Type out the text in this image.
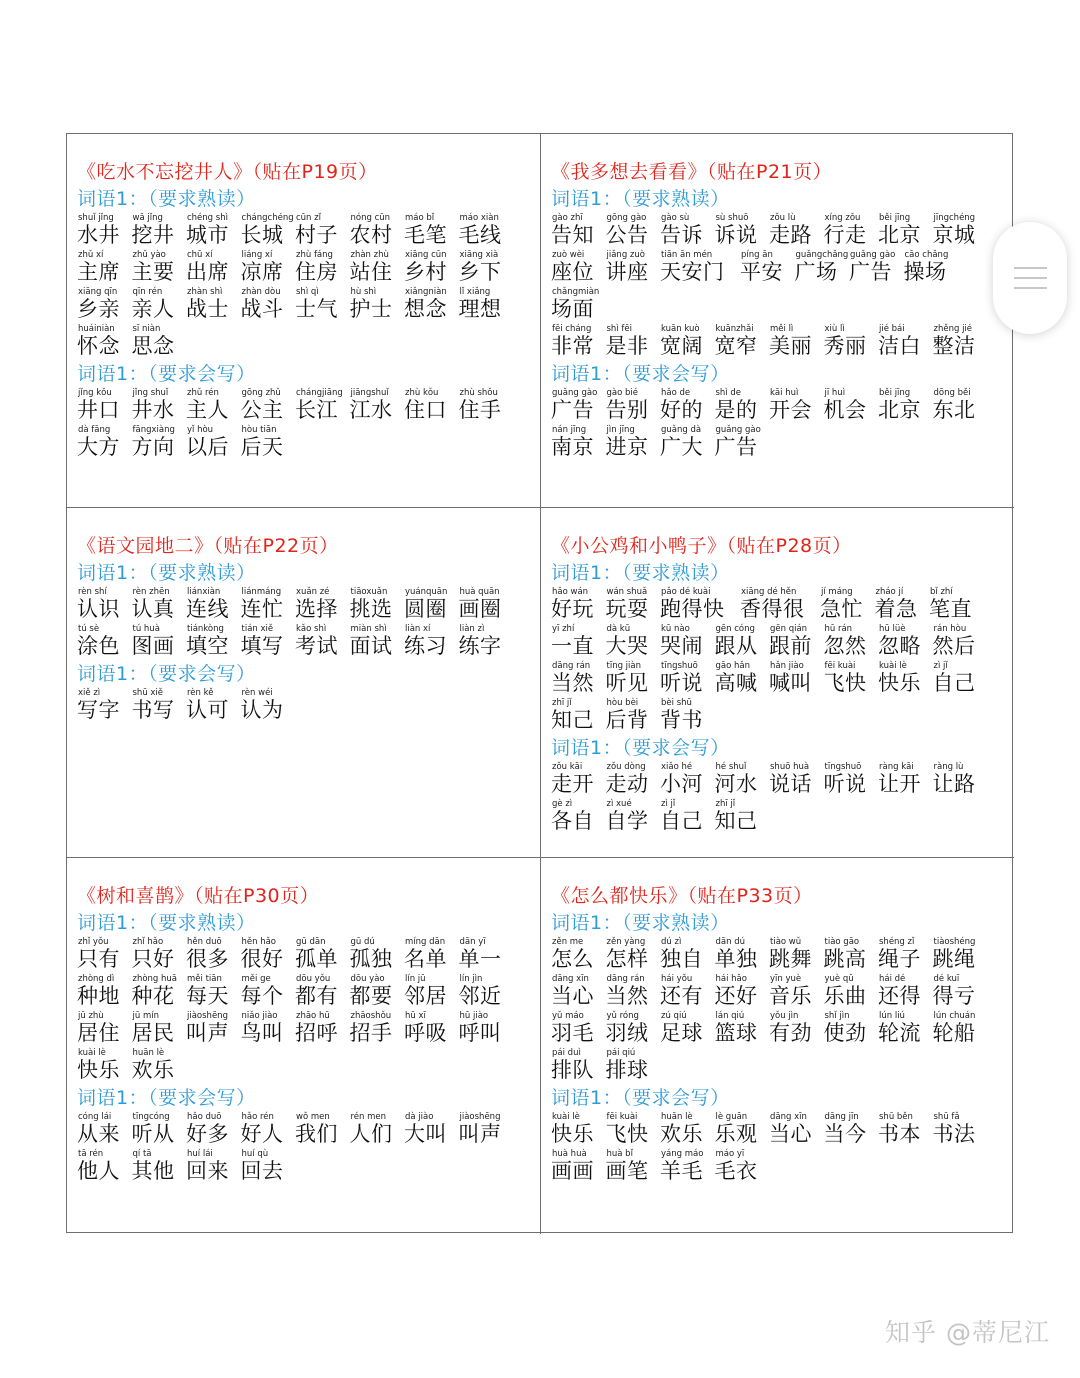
《吃水不忘挖井人》（贴在P19页）
词语1：（要求熟读）
shuǐ jǐng
水井
wā jǐng
挖井
chéng shì
城市
chángchéng
长城
cūn zǐ
村子
nóng cūn
农村
máo bǐ
毛笔
máo xiàn
毛线
zhǔ xí
主席
zhǔ yào
主要
chū xí
出席
liáng xí
凉席
zhù fáng
住房
zhàn zhù
站住
xiāng cūn
乡村
xiāng xià
乡下
xiāng qīn
乡亲
qīn rén
亲人
zhàn shì
战士
zhàn dòu
战斗
shì qì
士气
hù shì
护士
xiǎngniàn
想念
lǐ xiǎng
理想
huáiniàn
怀念
sī niàn
思念
词语1：（要求会写）
jǐng kǒu
井口
jǐng shuǐ
井水
zhǔ rén
主人
gōng zhǔ
公主
chángjiāng
长江
jiāngshuǐ
江水
zhù kǒu
住口
zhù shǒu
住手
dà fāng
大方
fāngxiàng
方向
yǐ hòu
以后
hòu tiān
后天
《我多想去看看》（贴在P21页）
词语1：（要求熟读）
gào zhī
告知
gōng gào
公告
gào sù
告诉
sù shuō
诉说
zǒu lù
走路
xíng zǒu
行走
běi jīng
北京
jīngchéng
京城
zuò wèi
座位
jiǎng zuò
讲座
tiān ān mén
天安门
píng ān
平安
guǎngchǎng
广场
guǎng gào
广告
cāo chǎng
操场
chǎngmiàn
场面
fēi cháng
非常
shì fēi
是非
kuān kuò
宽阔
kuānzhǎi
宽窄
měi lì
美丽
xiù lì
秀丽
jié bái
洁白
zhěng jié
整洁
词语1：（要求会写）
guǎng gào
广告
gào bié
告别
hǎo de
好的
shì de
是的
kāi huì
开会
jī huì
机会
běi jīng
北京
dōng běi
东北
nán jīng
南京
jìn jīng
进京
guǎng dà
广大
guǎng gào
广告
《语文园地二》（贴在P22页）
词语1：（要求熟读）
rèn shí
认识
rèn zhēn
认真
liánxiàn
连线
liánmáng
连忙
xuǎn zé
选择
tiāoxuǎn
挑选
yuánquān
圆圈
huà quān
画圈
tú sè
涂色
tú huà
图画
tiánkòng
填空
tián xiě
填写
kǎo shì
考试
miàn shì
面试
liàn xí
练习
liàn zì
练字
词语1：（要求会写）
xiě zì
写字
shū xiě
书写
rèn kě
认可
rèn wéi
认为
《小公鸡和小鸭子》（贴在P28页）
词语1：（要求熟读）
hǎo wán
好玩
wán shuǎ
玩耍
pǎo dé kuài
跑得快
xiāng dé hěn
香得很
jí máng
急忙
zháo jí
着急
bǐ zhí
笔直
yī zhí
一直
dà kū
大哭
kū nào
哭闹
gēn cóng
跟从
gēn qián
跟前
hū rán
忽然
hū lüè
忽略
rán hòu
然后
dāng rán
当然
tīng jiàn
听见
tīngshuō
听说
gāo hǎn
高喊
hǎn jiào
喊叫
fēi kuài
飞快
kuài lè
快乐
zì jǐ
自己
zhī jǐ
知己
hòu bèi
后背
bèi shū
背书
词语1：（要求会写）
zǒu kāi
走开
zǒu dòng
走动
xiǎo hé
小河
hé shuǐ
河水
shuō huà
说话
tīngshuō
听说
ràng kāi
让开
ràng lù
让路
gè zì
各自
zì xué
自学
zì jǐ
自己
zhī jǐ
知己
《树和喜鹊》（贴在P30页）
词语1：（要求熟读）
zhǐ yǒu
只有
zhǐ hǎo
只好
hěn duō
很多
hěn hǎo
很好
gū dān
孤单
gū dú
孤独
míng dān
名单
dān yī
单一
zhòng dì
种地
zhòng huā
种花
měi tiān
每天
měi ge
每个
dōu yǒu
都有
dōu yào
都要
lín jū
邻居
lín jìn
邻近
jū zhù
居住
jū mín
居民
jiàoshēng
叫声
niǎo jiào
鸟叫
zhāo hū
招呼
zhāoshǒu
招手
hū xī
呼吸
hū jiào
呼叫
kuài lè
快乐
huān lè
欢乐
词语1：（要求会写）
cóng lái
从来
tīngcóng
听从
hǎo duō
好多
hǎo rén
好人
wǒ men
我们
rén men
人们
dà jiào
大叫
jiàoshēng
叫声
tā rén
他人
qí tā
其他
huí lái
回来
huí qù
回去
《怎么都快乐》（贴在P33页）
词语1：（要求熟读）
zěn me
怎么
zěn yàng
怎样
dú zì
独自
dān dú
单独
tiào wǔ
跳舞
tiào gāo
跳高
shéng zǐ
绳子
tiàoshéng
跳绳
dāng xīn
当心
dāng rán
当然
hái yǒu
还有
hái hǎo
还好
yīn yuè
音乐
yuè qǔ
乐曲
hái dé
还得
dé kuī
得亏
yǔ máo
羽毛
yǔ róng
羽绒
zú qiú
足球
lán qiú
篮球
yǒu jìn
有劲
shǐ jìn
使劲
lún liú
轮流
lún chuán
轮船
pái duì
排队
pái qiú
排球
词语1：（要求会写）
kuài lè
快乐
fēi kuài
飞快
huān lè
欢乐
lè guān
乐观
dāng xīn
当心
dāng jīn
当今
shū běn
书本
shū fǎ
书法
huà huà
画画
huà bǐ
画笔
yáng máo
羊毛
máo yī
毛衣
知乎 @蒂尼江
